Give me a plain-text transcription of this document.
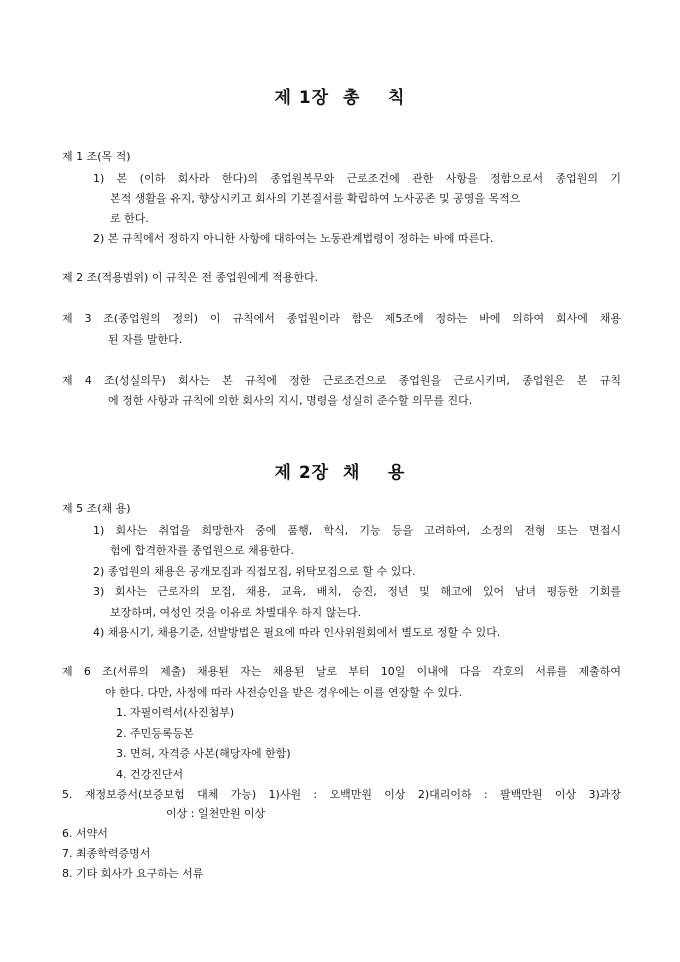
제 1장  총    칙
제 1 조(목 적)
1) 본 (이하 회사라 한다)의 종업원복무와 근로조건에 관한 사항을 정함으로서 종업원의 기
본적 생활을 유지, 향상시키고 회사의 기본질서를 확립하여 노사공존 및 공영을 목적으
로 한다.
2) 본 규칙에서 정하지 아니한 사항에 대하여는 노동관계법령이 정하는 바에 따른다.
제 2 조(적용범위) 이 규칙은 전 종업원에게 적용한다.
제 3 조(종업원의 정의) 이 규칙에서 종업원이라 함은 제5조에 정하는 바에 의하여 회사에 채용
된 자를 말한다.
제 4 조(성실의무) 회사는 본 규칙에 정한 근로조건으로 종업원을 근로시키며, 종업원은 본 규칙
에 정한 사항과 규칙에 의한 회사의 지시, 명령을 성실히 준수할 의무를 진다.
제 2장  채    용
제 5 조(채 용)
1) 회사는 취업을 희망한자 중에 품행, 학식, 기능 등을 고려하여, 소정의 전형 또는 면접시
험에 합격한자를 종업원으로 채용한다.
2) 종업원의 채용은 공개모집과 직접모집, 위탁모집으로 할 수 있다.
3) 회사는 근로자의 모집, 채용, 교육, 배치, 승진, 정년 및 해고에 있어 남녀 평등한 기회를
보장하며, 여성인 것을 이유로 차별대우 하지 않는다.
4) 채용시기, 채용기준, 선발방법은 필요에 따라 인사위원회에서 별도로 정할 수 있다.
제 6 조(서류의 제출) 채용된 자는 채용된 날로 부터 10일 이내에 다음 각호의 서류를 제출하여
야 한다. 다만, 사정에 따라 사전승인을 받은 경우에는 이를 연장할 수 있다.
1. 자필이력서(사진첨부)
2. 주민등록등본
3. 면허, 자격증 사본(해당자에 한함)
4. 건강진단서
5. 재정보증서(보증보험 대체 가능) 1)사원 : 오백만원 이상 2)대리이하 : 팔백만원 이상 3)과장
이상 : 일천만원 이상
6. 서약서
7. 최종학력증명서
8. 기타 회사가 요구하는 서류
